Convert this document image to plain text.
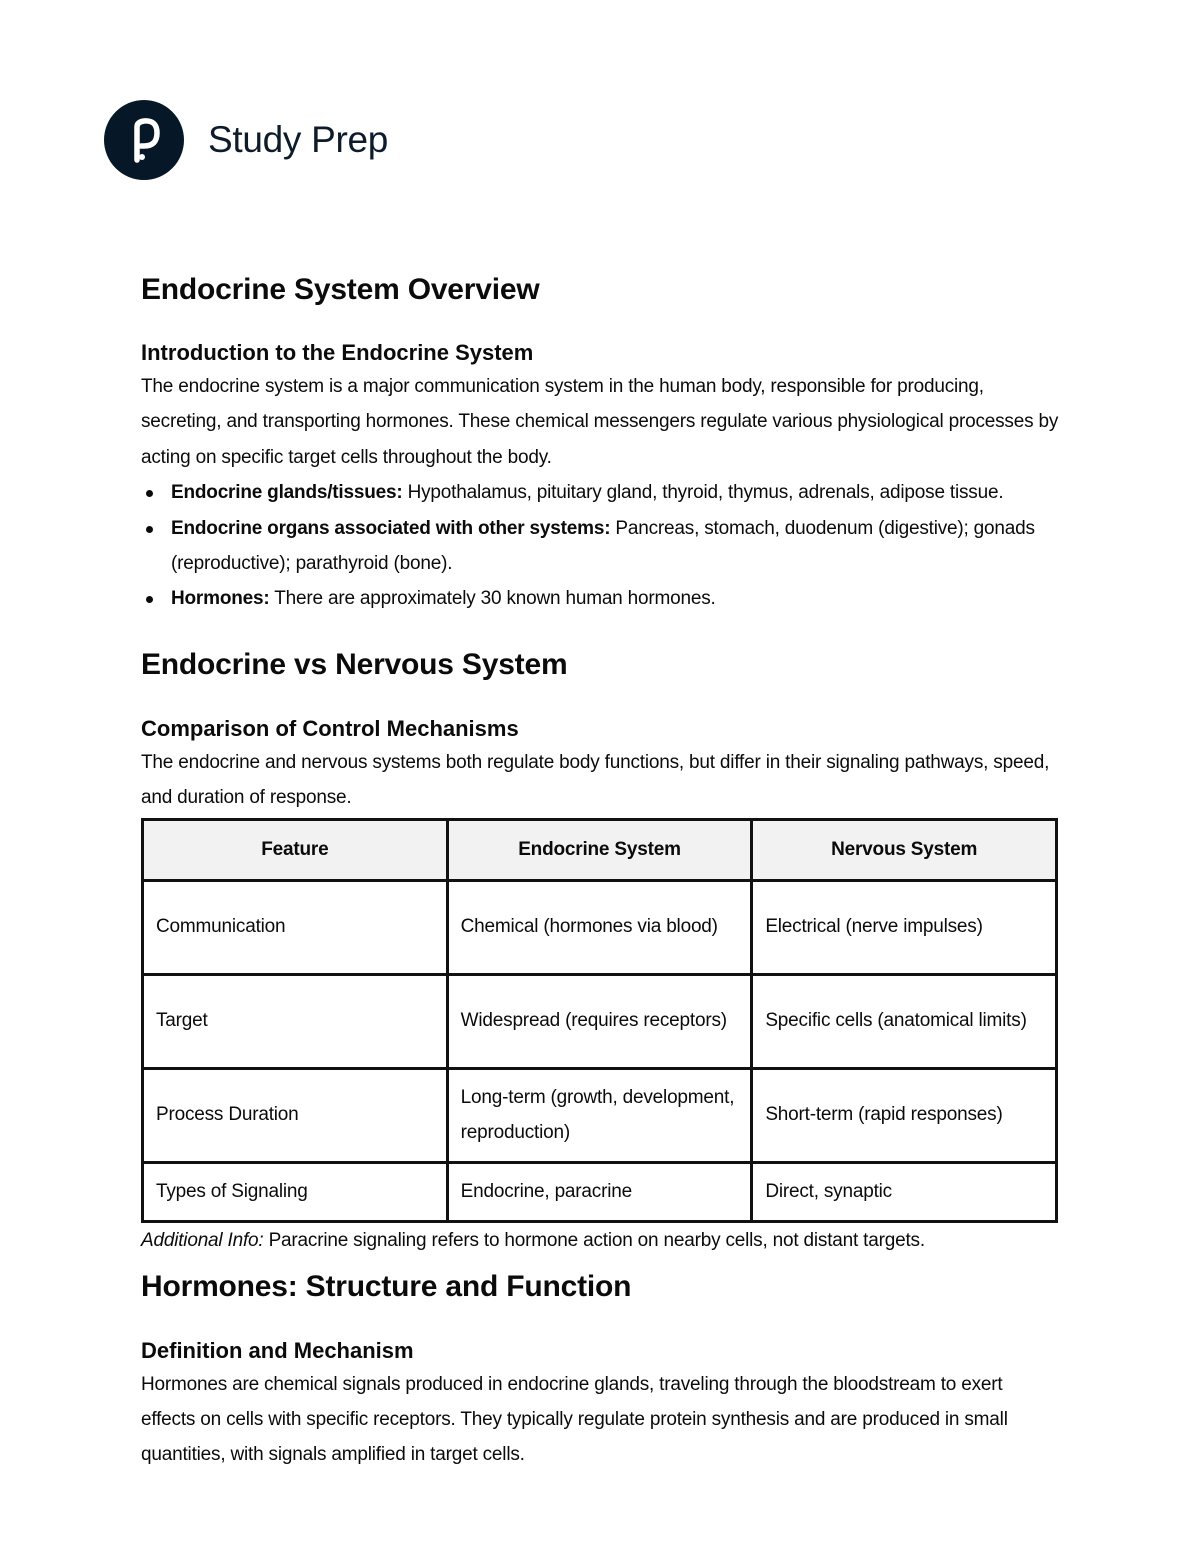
Study Prep
Endocrine System Overview
Introduction to the Endocrine System

The endocrine system is a major communication system in the human body, responsible for producing, secreting, and transporting hormones. These chemical messengers regulate various physiological processes by acting on specific target cells throughout the body.

Endocrine glands/tissues: Hypothalamus, pituitary gland, thyroid, thymus, adrenals, adipose tissue.
Endocrine organs associated with other systems: Pancreas, stomach, duodenum (digestive); gonads (reproductive); parathyroid (bone).
Hormones: There are approximately 30 known human hormones.
Endocrine vs Nervous System
Comparison of Control Mechanisms

The endocrine and nervous systems both regulate body functions, but differ in their signaling pathways, speed, and duration of response.

Feature	Endocrine System	Nervous System
Communication	Chemical (hormones via blood)	Electrical (nerve impulses)
Target	Widespread (requires receptors)	Specific cells (anatomical limits)
Process Duration	Long-term (growth, development, reproduction)	Short-term (rapid responses)
Types of Signaling	Endocrine, paracrine	Direct, synaptic
Additional Info: Paracrine signaling refers to hormone action on nearby cells, not distant targets.
Hormones: Structure and Function
Definition and Mechanism

Hormones are chemical signals produced in endocrine glands, traveling through the bloodstream to exert effects on cells with specific receptors. They typically regulate protein synthesis and are produced in small quantities, with signals amplified in target cells.
